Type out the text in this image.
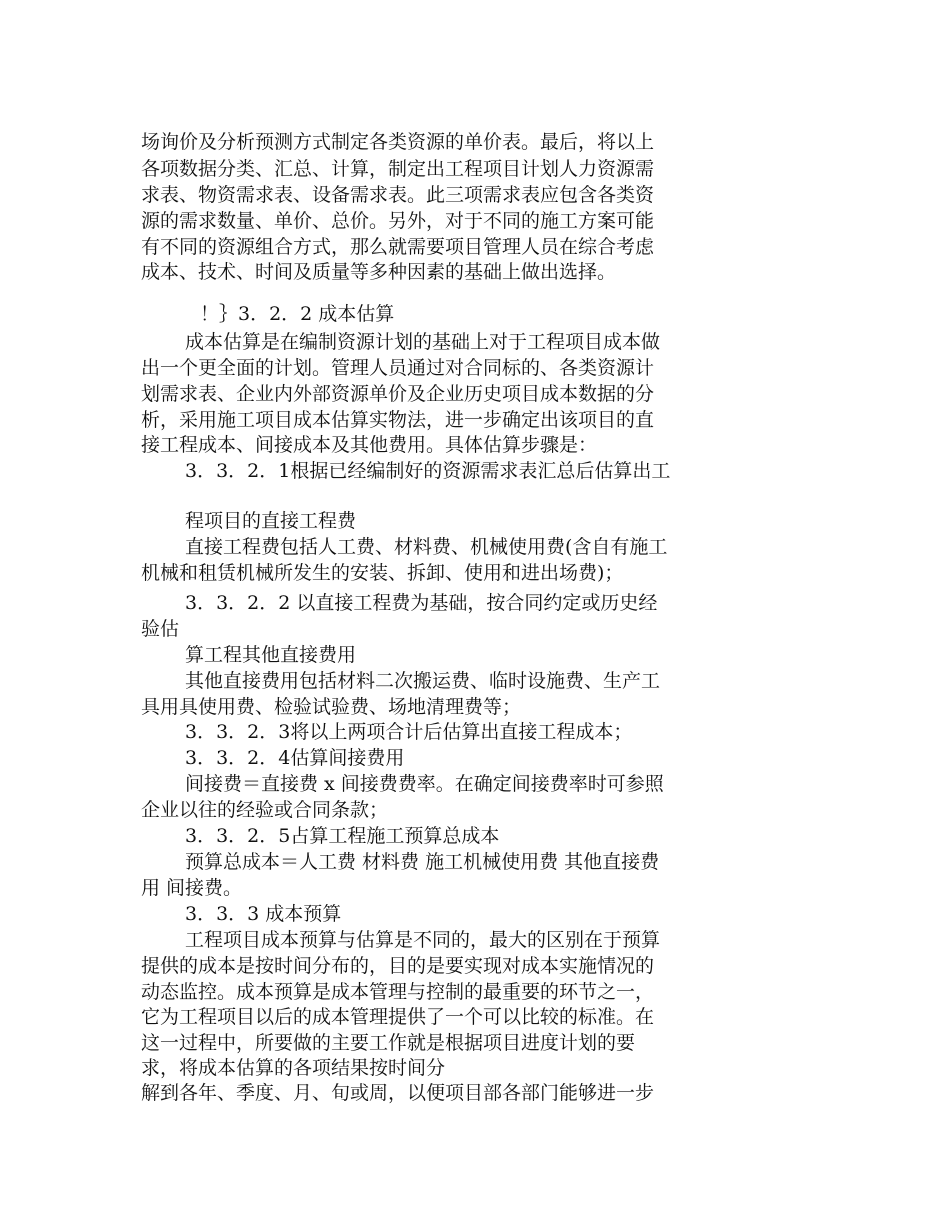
场询价及分析预测方式制定各类资源的单价表。最后，将以上
各项数据分类、汇总、计算，制定出工程项目计划人力资源需
求表、物资需求表、设备需求表。此三项需求表应包含各类资
源的需求数量、单价、总价。另外，对于不同的施工方案可能
有不同的资源组合方式，那么就需要项目管理人员在综合考虑
成本、技术、时间及质量等多种因素的基础上做出选择。
！｝3．2．2 成本估算
成本估算是在编制资源计划的基础上对于工程项目成本做
出一个更全面的计划。管理人员通过对合同标的、各类资源计
划需求表、企业内外部资源单价及企业历史项目成本数据的分
析，采用施工项目成本估算实物法，进一步确定出该项目的直
接工程成本、间接成本及其他费用。具体估算步骤是：
3．3．2．1根据已经编制好的资源需求表汇总后估算出工
程项目的直接工程费
直接工程费包括人工费、材料费、机械使用费(含自有施工
机械和租赁机械所发生的安装、拆卸、使用和进出场费)；
3．3．2．2 以直接工程费为基础，按合同约定或历史经
验估
算工程其他直接费用
其他直接费用包括材料二次搬运费、临时设施费、生产工
具用具使用费、检验试验费、场地清理费等；
3．3．2．3将以上两项合计后估算出直接工程成本；
3．3．2．4估算间接费用
间接费＝直接费 x 间接费费率。在确定间接费率时可参照
企业以往的经验或合同条款；
3．3．2．5占算工程施工预算总成本
预算总成本＝人工费 材料费 施工机械使用费 其他直接费
用 间接费。
3．3．3 成本预算
工程项目成本预算与估算是不同的，最大的区别在于预算
提供的成本是按时间分布的，目的是要实现对成本实施情况的
动态监控。成本预算是成本管理与控制的最重要的环节之一，
它为工程项目以后的成本管理提供了一个可以比较的标准。在
这一过程中，所要做的主要工作就是根据项目进度计划的要
求，将成本估算的各项结果按时间分
解到各年、季度、月、旬或周，以便项目部各部门能够进一步
